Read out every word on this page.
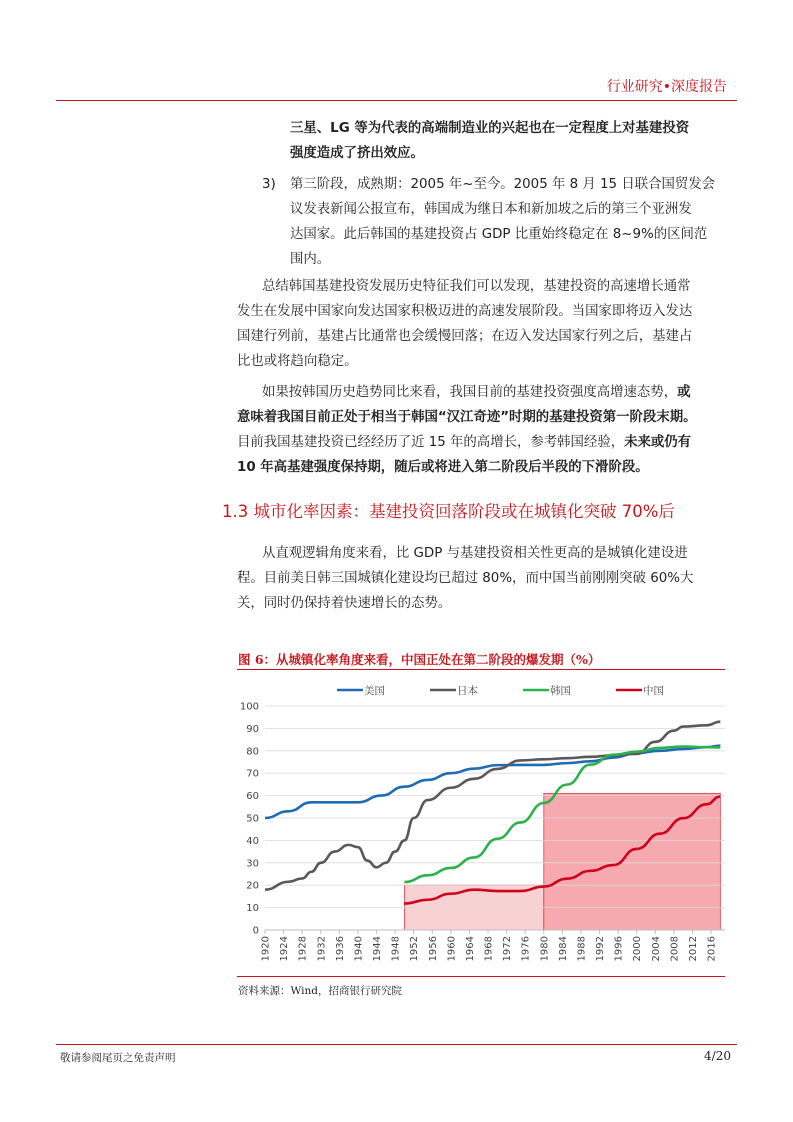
行业研究•深度报告
三星、LG 等为代表的高端制造业的兴起也在一定程度上对基建投资
强度造成了挤出效应。
3) 第三阶段，成熟期：2005 年~至今。2005 年 8 月 15 日联合国贸发会
议发表新闻公报宣布，韩国成为继日本和新加坡之后的第三个亚洲发
达国家。此后韩国的基建投资占 GDP 比重始终稳定在 8~9%的区间范
围内。
总结韩国基建投资发展历史特征我们可以发现，基建投资的高速增长通常
发生在发展中国家向发达国家积极迈进的高速发展阶段。当国家即将迈入发达
国建行列前，基建占比通常也会缓慢回落；在迈入发达国家行列之后，基建占
比也或将趋向稳定。
如果按韩国历史趋势同比来看，我国目前的基建投资强度高增速态势，或
意味着我国目前正处于相当于韩国“汉江奇迹”时期的基建投资第一阶段末期。
目前我国基建投资已经经历了近 15 年的高增长，参考韩国经验，未来或仍有
10 年高基建强度保持期，随后或将进入第二阶段后半段的下滑阶段。
1.3 城市化率因素：基建投资回落阶段或在城镇化突破 70%后
从直观逻辑角度来看，比 GDP 与基建投资相关性更高的是城镇化建设进
程。目前美日韩三国城镇化建设均已超过 80%，而中国当前刚刚突破 60%大
关，同时仍保持着快速增长的态势。
图 6：从城镇化率角度来看，中国正处在第二阶段的爆发期（%）
0
10
20
30
40
50
60
70
80
90
100
1920 1924 1928 1932 1936 1940 1944 1948 1952 1956 1960 1964 1968 1972 1976 1980 1984 1988 1992 1996 2000 2004 2008 2012 2016
美国	日本	韩国	中国
资料来源：Wind，招商银行研究院
敬请参阅尾页之免责声明	4/20
